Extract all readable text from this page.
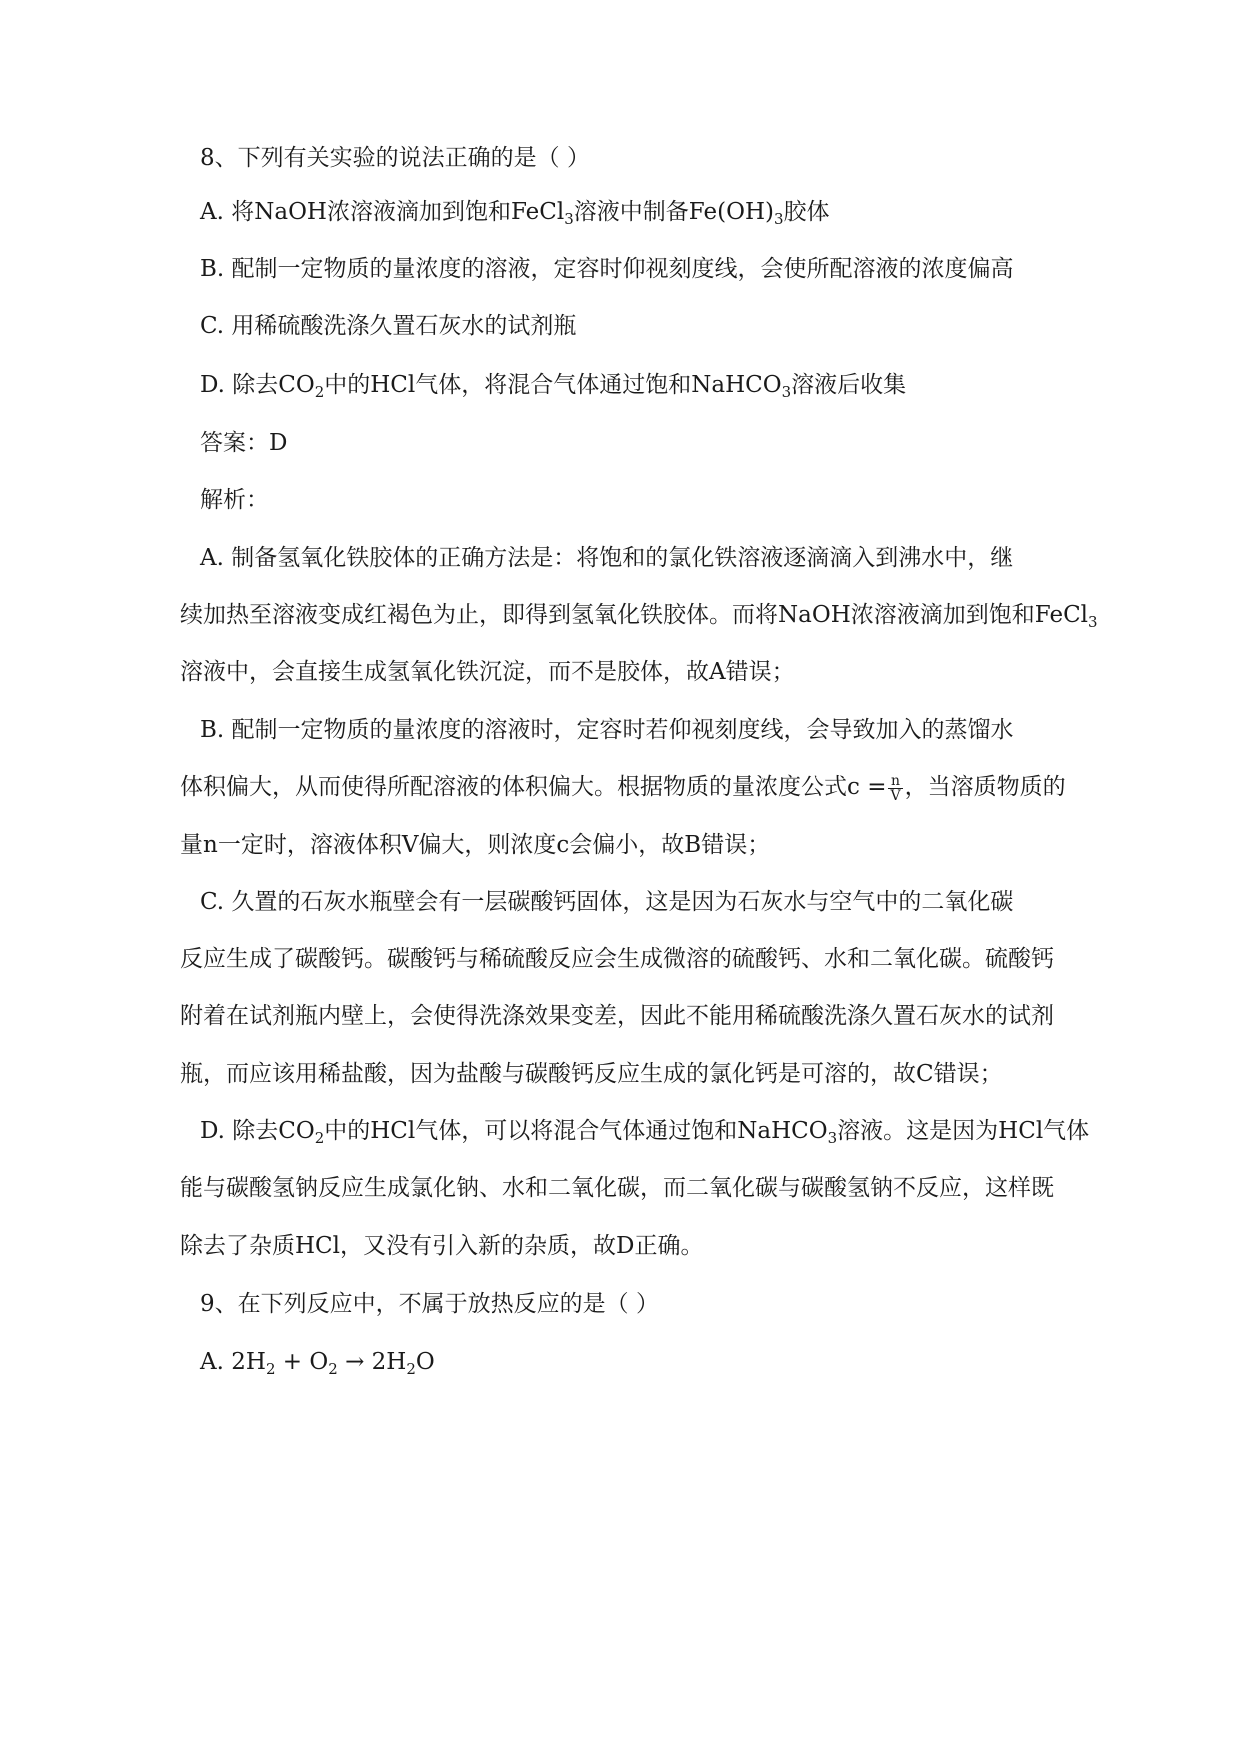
8、下列有关实验的说法正确的是（ ）

A. 将NaOH浓溶液滴加到饱和FeCl$_3$溶液中制备$Fe(OH)_3$胶体

B. 配制一定物质的量浓度的溶液，定容时仰视刻度线，会使所配溶液的浓度偏高

C. 用稀硫酸洗涤久置石灰水的试剂瓶

D. 除去$CO_2$中的HCl气体，将混合气体通过饱和NaHCO$_3$溶液后收集

答案：D

解析：

A. 制备氢氧化铁胶体的正确方法是：将饱和的氯化铁溶液逐滴滴入到沸水中，继

续加热至溶液变成红褐色为止，即得到氢氧化铁胶体。而将NaOH浓溶液滴加到饱和FeCl$_3$

溶液中，会直接生成氢氧化铁沉淀，而不是胶体，故A错误；

B. 配制一定物质的量浓度的溶液时，定容时若仰视刻度线，会导致加入的蒸馏水

体积偏大，从而使得所配溶液的体积偏大。根据物质的量浓度公式$c = \frac{n}{V}$ ，当溶质物质的

量n一定时，溶液体积V偏大，则浓度c会偏小，故B错误；

C. 久置的石灰水瓶壁会有一层碳酸钙固体，这是因为石灰水与空气中的二氧化碳

反应生成了碳酸钙。碳酸钙与稀硫酸反应会生成微溶的硫酸钙、水和二氧化碳。硫酸钙

附着在试剂瓶内壁上，会使得洗涤效果变差，因此不能用稀硫酸洗涤久置石灰水的试剂

瓶，而应该用稀盐酸，因为盐酸与碳酸钙反应生成的氯化钙是可溶的，故C错误；

D. 除去$CO_2$中的HCl气体，可以将混合气体通过饱和NaHCO$_3$溶液。这是因为HCl气体

能与碳酸氢钠反应生成氯化钠、水和二氧化碳，而二氧化碳与碳酸氢钠不反应，这样既

除去了杂质HCl，又没有引入新的杂质，故D正确。

9、在下列反应中，不属于放热反应的是（ ）

A. $2H_2 + O_2 \to 2H_2O$
